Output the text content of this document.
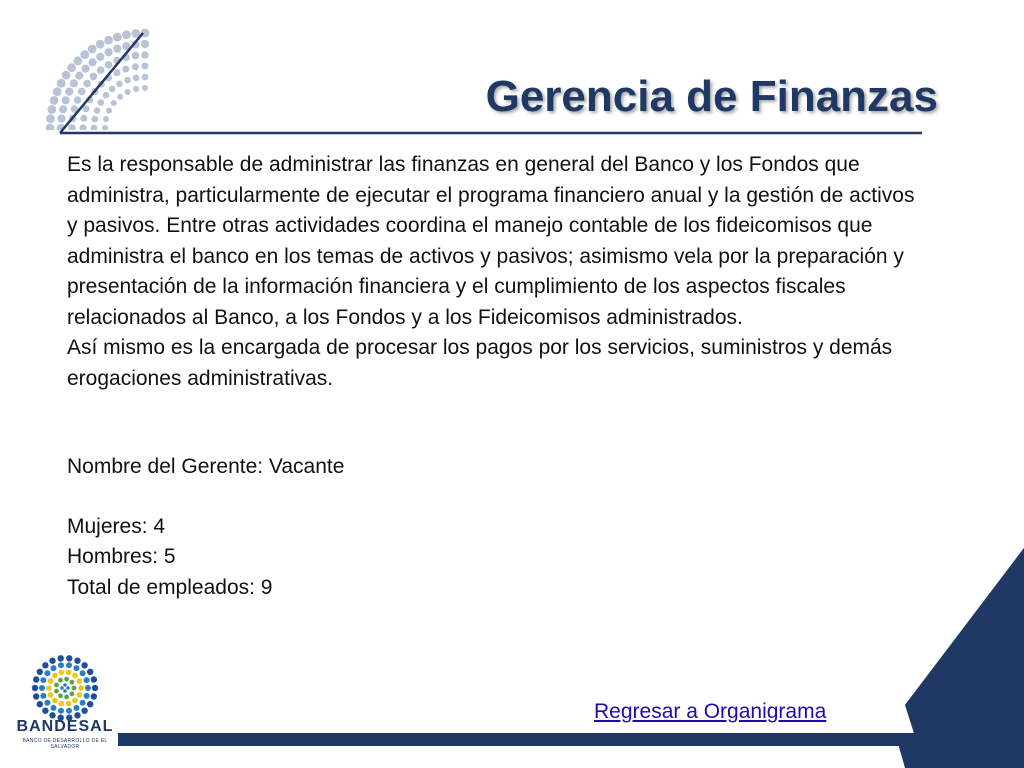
Gerencia de Finanzas

Es la responsable de administrar las finanzas en general del Banco y los Fondos que administra, particularmente de ejecutar el programa financiero anual y la gestión de activos y pasivos. Entre otras actividades coordina el manejo contable de los fideicomisos que administra el banco en los temas de activos y pasivos; asimismo vela por la preparación y presentación de la información financiera y el cumplimiento de los aspectos fiscales relacionados al Banco, a los Fondos y a los Fideicomisos administrados.

Así mismo es la encargada de procesar los pagos por los servicios, suministros y demás erogaciones administrativas.

Nombre del Gerente: Vacante

Mujeres: 4

Hombres: 5

Total de empleados: 9

Regresar a Organigrama
BANDESAL
BANCO DE DESARROLLO DE EL SALVADOR
